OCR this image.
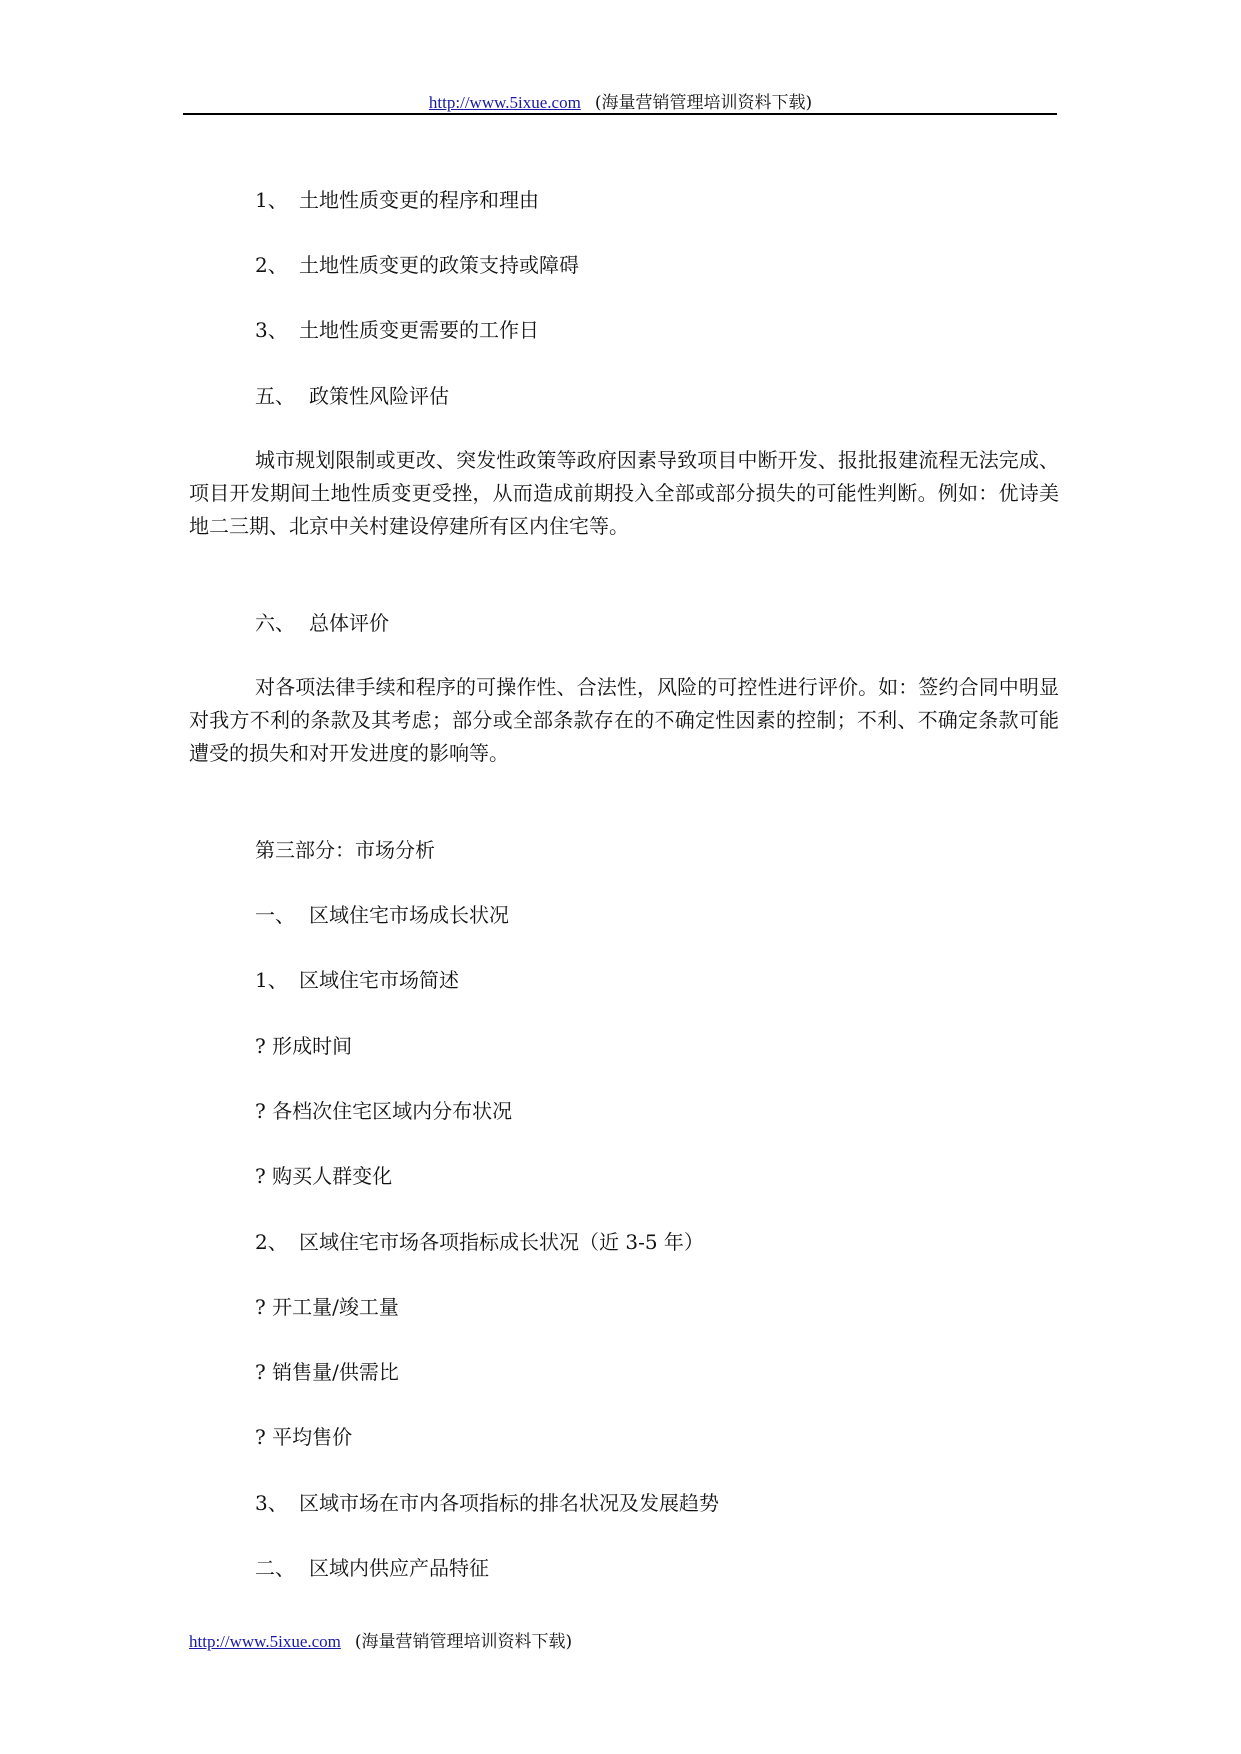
http://www.5ixue.com (海量营销管理培训资料下载)
1、 土地性质变更的程序和理由
2、 土地性质变更的政策支持或障碍
3、 土地性质变更需要的工作日
五、 政策性风险评估

城市规划限制或更改、突发性政策等政府因素导致项目中断开发、报批报建流程无法完成、项目开发期间土地性质变更受挫，从而造成前期投入全部或部分损失的可能性判断。例如：优诗美地二三期、北京中关村建设停建所有区内住宅等。

六、 总体评价

对各项法律手续和程序的可操作性、合法性，风险的可控性进行评价。如：签约合同中明显对我方不利的条款及其考虑；部分或全部条款存在的不确定性因素的控制；不利、不确定条款可能遭受的损失和对开发进度的影响等。

第三部分：市场分析
一、 区域住宅市场成长状况
1、 区域住宅市场简述
? 形成时间
? 各档次住宅区域内分布状况
? 购买人群变化
2、 区域住宅市场各项指标成长状况（近 3-5 年）
? 开工量/竣工量
? 销售量/供需比
? 平均售价
3、 区域市场在市内各项指标的排名状况及发展趋势
二、 区域内供应产品特征
http://www.5ixue.com (海量营销管理培训资料下载)
